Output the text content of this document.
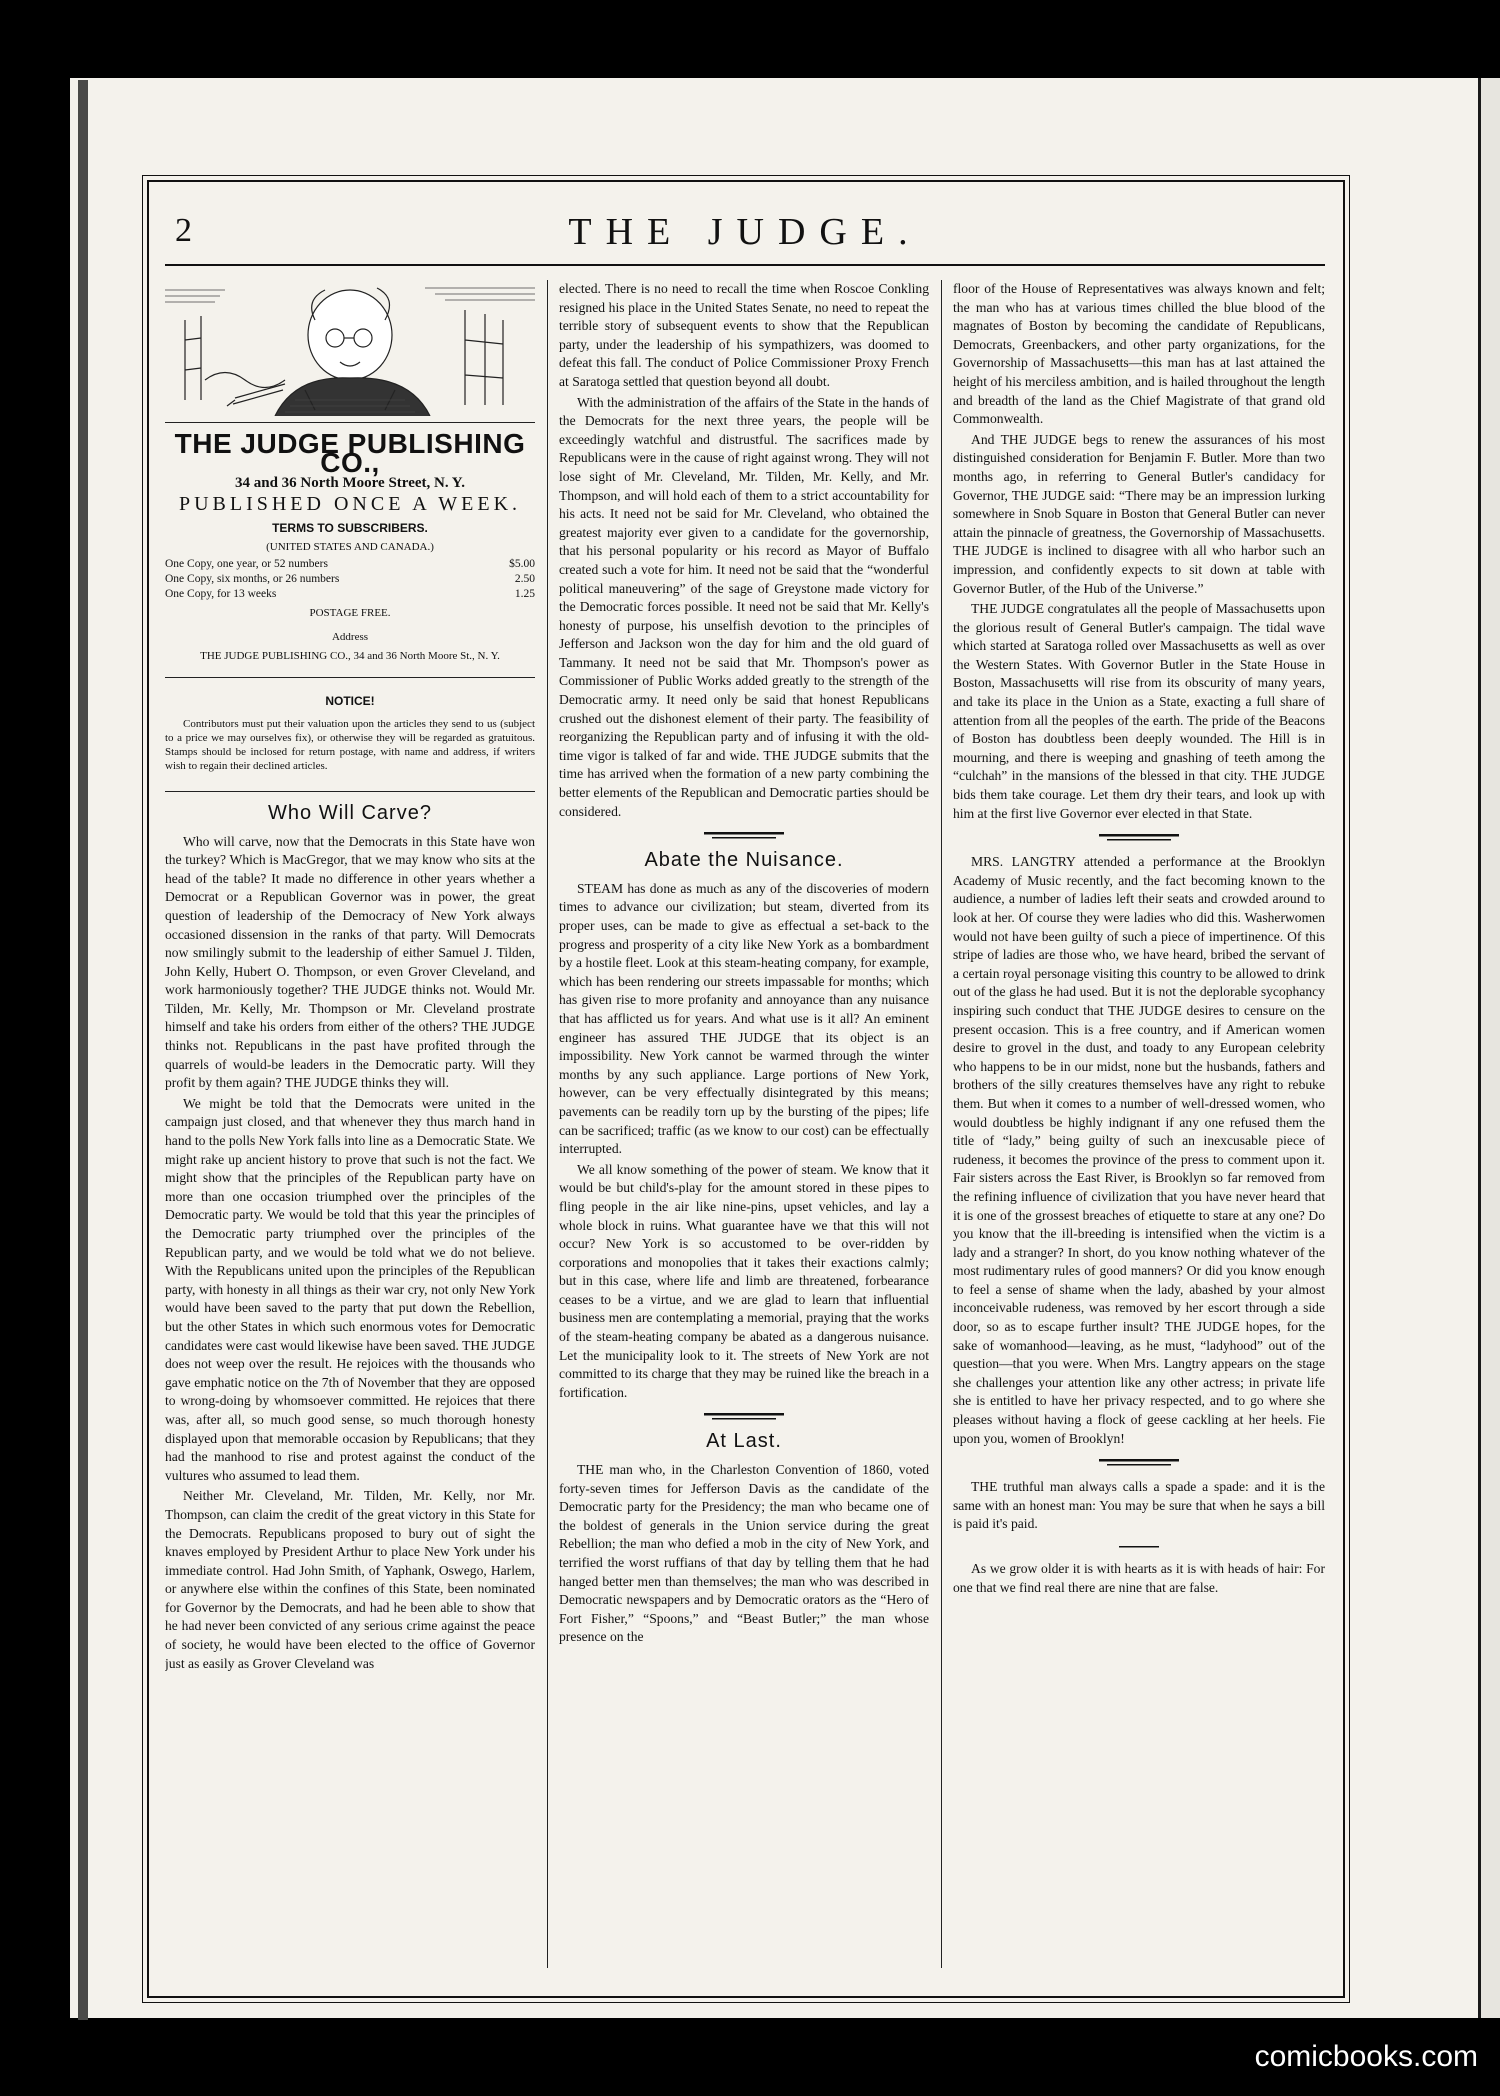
2	THE JUDGE.
THE JUDGE PUBLISHING CO.,
34 and 36 North Moore Street, N. Y.
PUBLISHED ONCE A WEEK.
TERMS TO SUBSCRIBERS.
(UNITED STATES AND CANADA.)
One Copy, one year, or 52 numbers	$5.00
One Copy, six months, or 26 numbers	2.50
One Copy, for 13 weeks	1.25
POSTAGE FREE.
Address
THE JUDGE PUBLISHING CO., 34 and 36 North Moore St., N. Y.
NOTICE!

Contributors must put their valuation upon the articles they send to us (subject to a price we may ourselves fix), or otherwise they will be regarded as gratuitous. Stamps should be inclosed for return postage, with name and address, if writers wish to regain their declined articles.

Who Will Carve?

Who will carve, now that the Democrats in this State have won the turkey? Which is MacGregor, that we may know who sits at the head of the table? It made no difference in other years whether a Democrat or a Republican Governor was in power, the great question of leadership of the Democracy of New York always occasioned dissension in the ranks of that party. Will Democrats now smilingly submit to the leadership of either Samuel J. Tilden, John Kelly, Hubert O. Thompson, or even Grover Cleveland, and work harmoniously together? THE JUDGE thinks not. Would Mr. Tilden, Mr. Kelly, Mr. Thompson or Mr. Cleveland prostrate himself and take his orders from either of the others? THE JUDGE thinks not. Republicans in the past have profited through the quarrels of would-be leaders in the Democratic party. Will they profit by them again? THE JUDGE thinks they will.

We might be told that the Democrats were united in the campaign just closed, and that whenever they thus march hand in hand to the polls New York falls into line as a Democratic State. We might rake up ancient history to prove that such is not the fact. We might show that the principles of the Republican party have on more than one occasion triumphed over the principles of the Democratic party. We would be told that this year the principles of the Democratic party triumphed over the principles of the Republican party, and we would be told what we do not believe. With the Republicans united upon the principles of the Republican party, with honesty in all things as their war cry, not only New York would have been saved to the party that put down the Rebellion, but the other States in which such enormous votes for Democratic candidates were cast would likewise have been saved. THE JUDGE does not weep over the result. He rejoices with the thousands who gave emphatic notice on the 7th of November that they are opposed to wrong-doing by whomsoever committed. He rejoices that there was, after all, so much good sense, so much thorough honesty displayed upon that memorable occasion by Republicans; that they had the manhood to rise and protest against the conduct of the vultures who assumed to lead them.

Neither Mr. Cleveland, Mr. Tilden, Mr. Kelly, nor Mr. Thompson, can claim the credit of the great victory in this State for the Democrats. Republicans proposed to bury out of sight the knaves employed by President Arthur to place New York under his immediate control. Had John Smith, of Yaphank, Oswego, Harlem, or anywhere else within the confines of this State, been nominated for Governor by the Democrats, and had he been able to show that he had never been convicted of any serious crime against the peace of society, he would have been elected to the office of Governor just as easily as Grover Cleveland was

elected. There is no need to recall the time when Roscoe Conkling resigned his place in the United States Senate, no need to repeat the terrible story of subsequent events to show that the Republican party, under the leadership of his sympathizers, was doomed to defeat this fall. The conduct of Police Commissioner Proxy French at Saratoga settled that question beyond all doubt.

With the administration of the affairs of the State in the hands of the Democrats for the next three years, the people will be exceedingly watchful and distrustful. The sacrifices made by Republicans were in the cause of right against wrong. They will not lose sight of Mr. Cleveland, Mr. Tilden, Mr. Kelly, and Mr. Thompson, and will hold each of them to a strict accountability for his acts. It need not be said for Mr. Cleveland, who obtained the greatest majority ever given to a candidate for the governorship, that his personal popularity or his record as Mayor of Buffalo created such a vote for him. It need not be said that the “wonderful political maneuvering” of the sage of Greystone made victory for the Democratic forces possible. It need not be said that Mr. Kelly's honesty of purpose, his unselfish devotion to the principles of Jefferson and Jackson won the day for him and the old guard of Tammany. It need not be said that Mr. Thompson's power as Commissioner of Public Works added greatly to the strength of the Democratic army. It need only be said that honest Republicans crushed out the dishonest element of their party. The feasibility of reorganizing the Republican party and of infusing it with the old-time vigor is talked of far and wide. THE JUDGE submits that the time has arrived when the formation of a new party combining the better elements of the Republican and Democratic parties should be considered.

Abate the Nuisance.

STEAM has done as much as any of the discoveries of modern times to advance our civilization; but steam, diverted from its proper uses, can be made to give as effectual a set-back to the progress and prosperity of a city like New York as a bombardment by a hostile fleet. Look at this steam-heating company, for example, which has been rendering our streets impassable for months; which has given rise to more profanity and annoyance than any nuisance that has afflicted us for years. And what use is it all? An eminent engineer has assured THE JUDGE that its object is an impossibility. New York cannot be warmed through the winter months by any such appliance. Large portions of New York, however, can be very effectually disintegrated by this means; pavements can be readily torn up by the bursting of the pipes; life can be sacrificed; traffic (as we know to our cost) can be effectually interrupted.

We all know something of the power of steam. We know that it would be but child's-play for the amount stored in these pipes to fling people in the air like nine-pins, upset vehicles, and lay a whole block in ruins. What guarantee have we that this will not occur? New York is so accustomed to be over-ridden by corporations and monopolies that it takes their exactions calmly; but in this case, where life and limb are threatened, forbearance ceases to be a virtue, and we are glad to learn that influential business men are contemplating a memorial, praying that the works of the steam-heating company be abated as a dangerous nuisance. Let the municipality look to it. The streets of New York are not committed to its charge that they may be ruined like the breach in a fortification.

At Last.

THE man who, in the Charleston Convention of 1860, voted forty-seven times for Jefferson Davis as the candidate of the Democratic party for the Presidency; the man who became one of the boldest of generals in the Union service during the great Rebellion; the man who defied a mob in the city of New York, and terrified the worst ruffians of that day by telling them that he had hanged better men than themselves; the man who was described in Democratic newspapers and by Democratic orators as the “Hero of Fort Fisher,” “Spoons,” and “Beast Butler;” the man whose presence on the

floor of the House of Representatives was always known and felt; the man who has at various times chilled the blue blood of the magnates of Boston by becoming the candidate of Republicans, Democrats, Greenbackers, and other party organizations, for the Governorship of Massachusetts—this man has at last attained the height of his merciless ambition, and is hailed throughout the length and breadth of the land as the Chief Magistrate of that grand old Commonwealth.

And THE JUDGE begs to renew the assurances of his most distinguished consideration for Benjamin F. Butler. More than two months ago, in referring to General Butler's candidacy for Governor, THE JUDGE said: “There may be an impression lurking somewhere in Snob Square in Boston that General Butler can never attain the pinnacle of greatness, the Governorship of Massachusetts. THE JUDGE is inclined to disagree with all who harbor such an impression, and confidently expects to sit down at table with Governor Butler, of the Hub of the Universe.”

THE JUDGE congratulates all the people of Massachusetts upon the glorious result of General Butler's campaign. The tidal wave which started at Saratoga rolled over Massachusetts as well as over the Western States. With Governor Butler in the State House in Boston, Massachusetts will rise from its obscurity of many years, and take its place in the Union as a State, exacting a full share of attention from all the peoples of the earth. The pride of the Beacons of Boston has doubtless been deeply wounded. The Hill is in mourning, and there is weeping and gnashing of teeth among the “culchah” in the mansions of the blessed in that city. THE JUDGE bids them take courage. Let them dry their tears, and look up with him at the first live Governor ever elected in that State.

MRS. LANGTRY attended a performance at the Brooklyn Academy of Music recently, and the fact becoming known to the audience, a number of ladies left their seats and crowded around to look at her. Of course they were ladies who did this. Washerwomen would not have been guilty of such a piece of impertinence. Of this stripe of ladies are those who, we have heard, bribed the servant of a certain royal personage visiting this country to be allowed to drink out of the glass he had used. But it is not the deplorable sycophancy inspiring such conduct that THE JUDGE desires to censure on the present occasion. This is a free country, and if American women desire to grovel in the dust, and toady to any European celebrity who happens to be in our midst, none but the husbands, fathers and brothers of the silly creatures themselves have any right to rebuke them. But when it comes to a number of well-dressed women, who would doubtless be highly indignant if any one refused them the title of “lady,” being guilty of such an inexcusable piece of rudeness, it becomes the province of the press to comment upon it. Fair sisters across the East River, is Brooklyn so far removed from the refining influence of civilization that you have never heard that it is one of the grossest breaches of etiquette to stare at any one? Do you know that the ill-breeding is intensified when the victim is a lady and a stranger? In short, do you know nothing whatever of the most rudimentary rules of good manners? Or did you know enough to feel a sense of shame when the lady, abashed by your almost inconceivable rudeness, was removed by her escort through a side door, so as to escape further insult? THE JUDGE hopes, for the sake of womanhood—leaving, as he must, “ladyhood” out of the question—that you were. When Mrs. Langtry appears on the stage she challenges your attention like any other actress; in private life she is entitled to have her privacy respected, and to go where she pleases without having a flock of geese cackling at her heels. Fie upon you, women of Brooklyn!

THE truthful man always calls a spade a spade: and it is the same with an honest man: You may be sure that when he says a bill is paid it's paid.

As we grow older it is with hearts as it is with heads of hair: For one that we find real there are nine that are false.

comicbooks.com
